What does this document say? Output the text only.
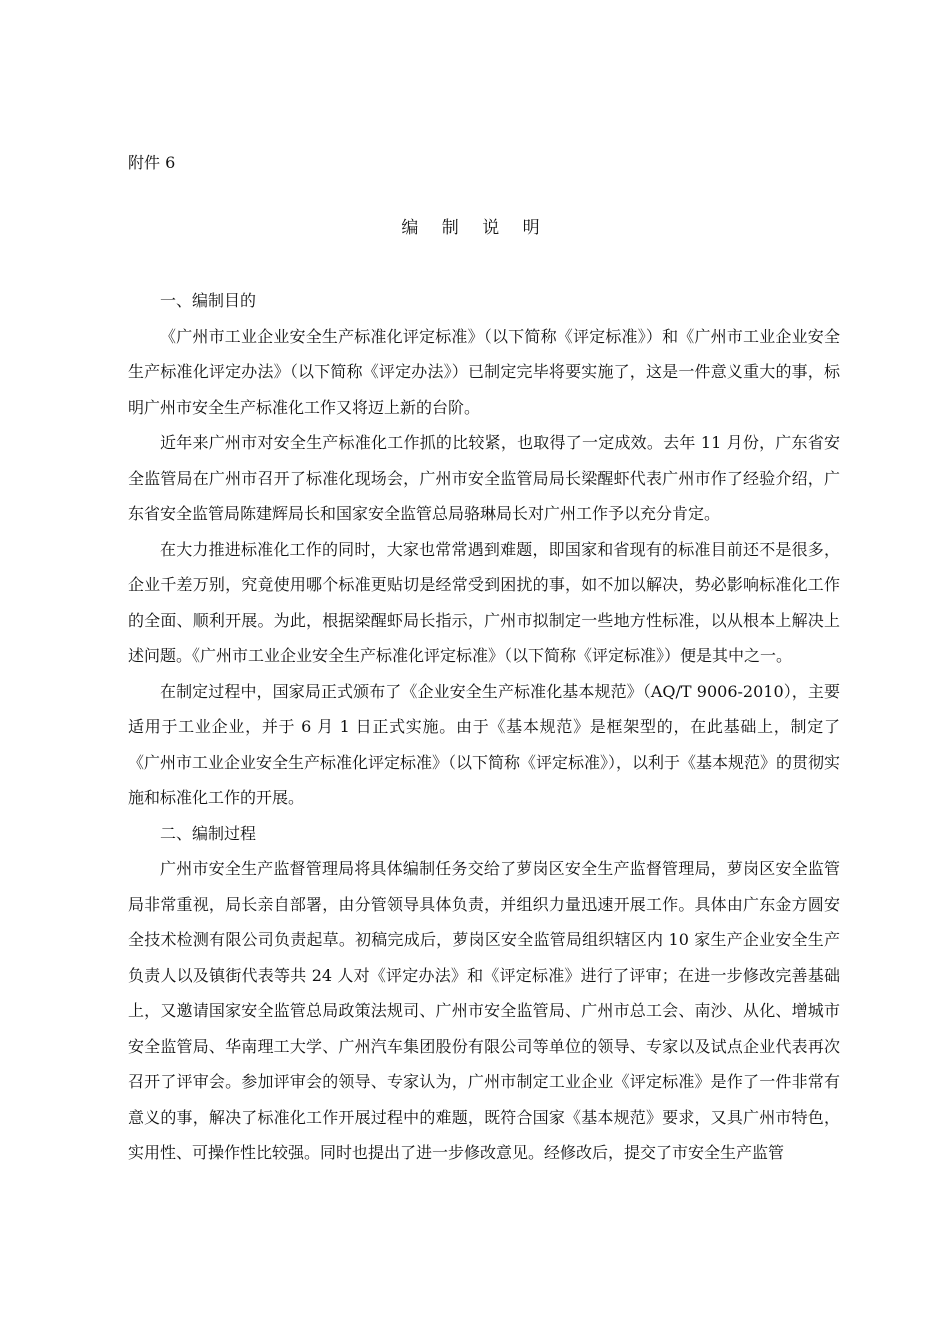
附件 6
编 制 说 明

一、编制目的

《广州市工业企业安全生产标准化评定标准》（以下简称《评定标准》）和《广州市工业企业安全生产标准化评定办法》（以下简称《评定办法》）已制定完毕将要实施了，这是一件意义重大的事，标明广州市安全生产标准化工作又将迈上新的台阶。

近年来广州市对安全生产标准化工作抓的比较紧，也取得了一定成效。去年 11 月份，广东省安全监管局在广州市召开了标准化现场会，广州市安全监管局局长梁醒虾代表广州市作了经验介绍，广东省安全监管局陈建辉局长和国家安全监管总局骆琳局长对广州工作予以充分肯定。

在大力推进标准化工作的同时，大家也常常遇到难题，即国家和省现有的标准目前还不是很多，企业千差万别，究竟使用哪个标准更贴切是经常受到困扰的事，如不加以解决，势必影响标准化工作的全面、顺利开展。为此，根据梁醒虾局长指示，广州市拟制定一些地方性标准，以从根本上解决上述问题。《广州市工业企业安全生产标准化评定标准》（以下简称《评定标准》）便是其中之一。

在制定过程中，国家局正式颁布了《企业安全生产标准化基本规范》（AQ/T 9006-2010），主要适用于工业企业，并于 6 月 1 日正式实施。由于《基本规范》是框架型的，在此基础上，制定了《广州市工业企业安全生产标准化评定标准》（以下简称《评定标准》），以利于《基本规范》的贯彻实施和标准化工作的开展。

二、编制过程

广州市安全生产监督管理局将具体编制任务交给了萝岗区安全生产监督管理局，萝岗区安全监管局非常重视，局长亲自部署，由分管领导具体负责，并组织力量迅速开展工作。具体由广东金方圆安全技术检测有限公司负责起草。初稿完成后，萝岗区安全监管局组织辖区内 10 家生产企业安全生产负责人以及镇街代表等共 24 人对《评定办法》和《评定标准》进行了评审；在进一步修改完善基础上，又邀请国家安全监管总局政策法规司、广州市安全监管局、广州市总工会、南沙、从化、增城市安全监管局、华南理工大学、广州汽车集团股份有限公司等单位的领导、专家以及试点企业代表再次召开了评审会。参加评审会的领导、专家认为，广州市制定工业企业《评定标准》是作了一件非常有意义的事，解决了标准化工作开展过程中的难题，既符合国家《基本规范》要求，又具广州市特色，实用性、可操作性比较强。同时也提出了进一步修改意见。经修改后，提交了市安全生产监管
